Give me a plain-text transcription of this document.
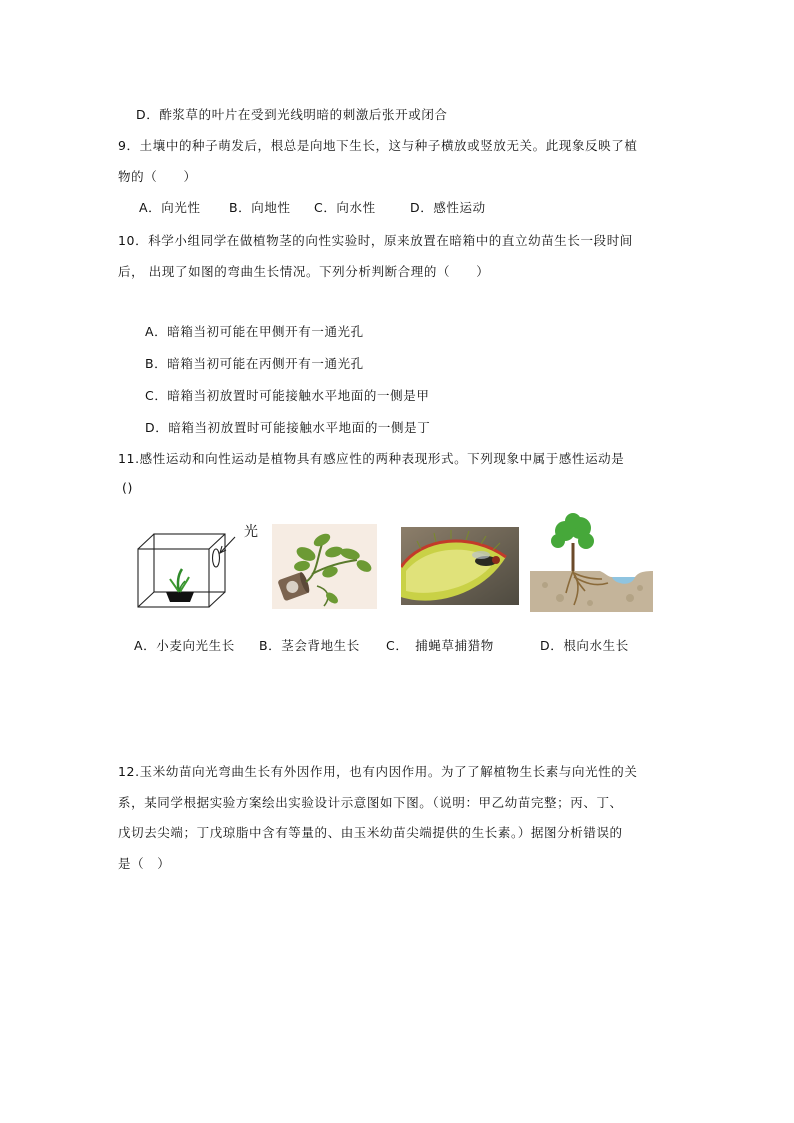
D．酢浆草的叶片在受到光线明暗的刺激后张开或闭合
9．土壤中的种子萌发后，根总是向地下生长，这与种子横放或竖放无关。此现象反映了植
物的（　　）
A．向光性 B．向地性 C．向水性	D．感性运动
10．科学小组同学在做植物茎的向性实验时，原来放置在暗箱中的直立幼苗生长一段时间
后， 出现了如图的弯曲生长情况。下列分析判断合理的（　　）
A．暗箱当初可能在甲侧开有一通光孔
B．暗箱当初可能在丙侧开有一通光孔
C．暗箱当初放置时可能接触水平地面的一侧是甲
D．暗箱当初放置时可能接触水平地面的一侧是丁
11.感性运动和向性运动是植物具有感应性的两种表现形式。下列现象中属于感性运动是
()
光
A．小麦向光生长 B．茎会背地生长 C．　捕蝇草捕猎物	D．根向水生长
12.玉米幼苗向光弯曲生长有外因作用，也有内因作用。为了了解植物生长素与向光性的关
系，某同学根据实验方案绘出实验设计示意图如下图。（说明：甲乙幼苗完整；丙、丁、
戊切去尖端；丁戊琼脂中含有等量的、由玉米幼苗尖端提供的生长素。）据图分析错误的
是（　）
